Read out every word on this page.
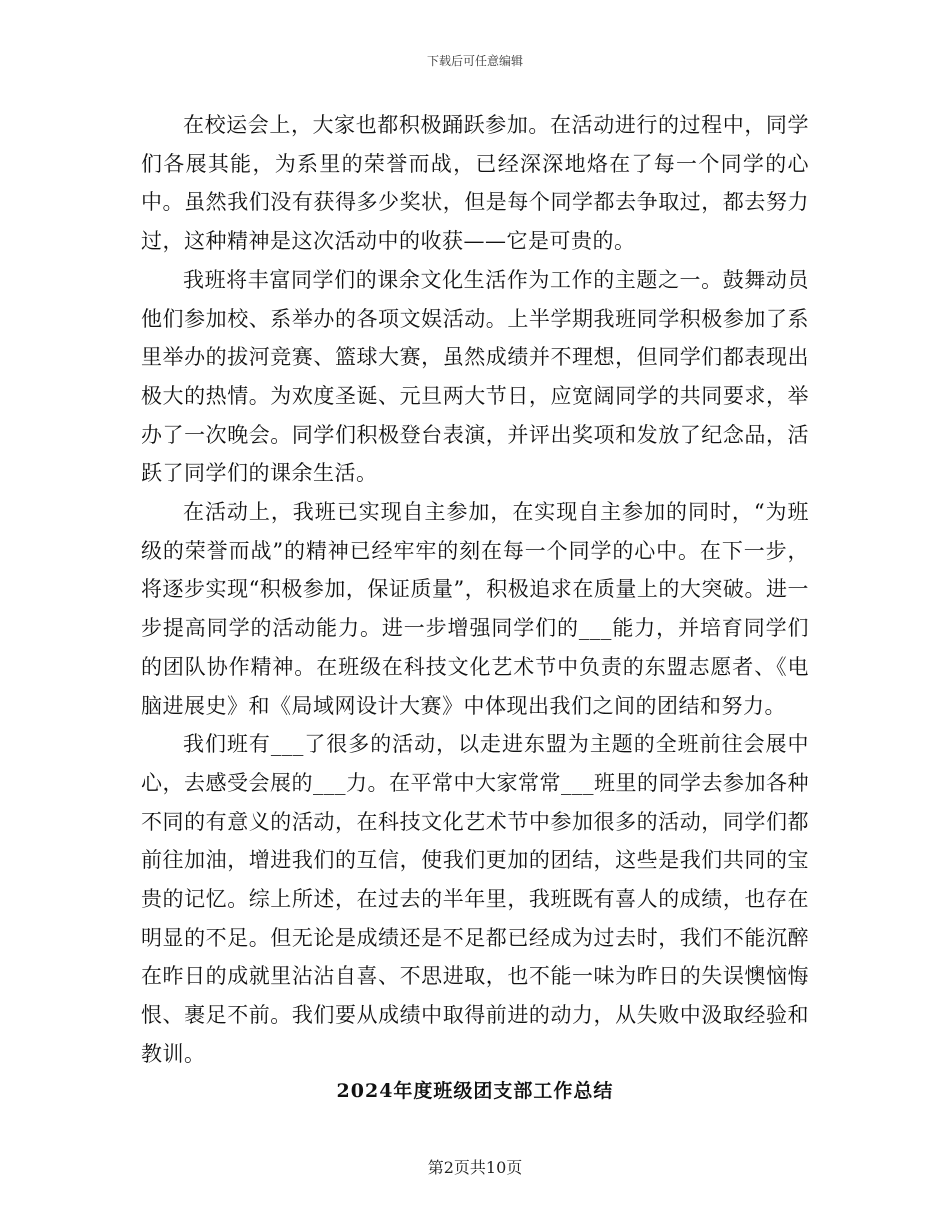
下载后可任意编辑

在校运会上，大家也都积极踊跃参加。在活动进行的过程中，同学们各展其能，为系里的荣誉而战，已经深深地烙在了每一个同学的心中。虽然我们没有获得多少奖状，但是每个同学都去争取过，都去努力过，这种精神是这次活动中的收获——它是可贵的。

我班将丰富同学们的课余文化生活作为工作的主题之一。鼓舞动员他们参加校、系举办的各项文娱活动。上半学期我班同学积极参加了系里举办的拔河竞赛、篮球大赛，虽然成绩并不理想，但同学们都表现出极大的热情。为欢度圣诞、元旦两大节日，应宽阔同学的共同要求，举办了一次晚会。同学们积极登台表演，并评出奖项和发放了纪念品，活跃了同学们的课余生活。

在活动上，我班已实现自主参加，在实现自主参加的同时，“为班级的荣誉而战”的精神已经牢牢的刻在每一个同学的心中。在下一步，将逐步实现“积极参加，保证质量”，积极追求在质量上的大突破。进一步提高同学的活动能力。进一步增强同学们的___能力，并培育同学们的团队协作精神。在班级在科技文化艺术节中负责的东盟志愿者、《电脑进展史》和《局域网设计大赛》中体现出我们之间的团结和努力。

我们班有___了很多的活动，以走进东盟为主题的全班前往会展中心，去感受会展的___力。在平常中大家常常___班里的同学去参加各种不同的有意义的活动，在科技文化艺术节中参加很多的活动，同学们都前往加油，增进我们的互信，使我们更加的团结，这些是我们共同的宝贵的记忆。综上所述，在过去的半年里，我班既有喜人的成绩，也存在明显的不足。但无论是成绩还是不足都已经成为过去时，我们不能沉醉在昨日的成就里沾沾自喜、不思进取，也不能一味为昨日的失误懊恼悔恨、裹足不前。我们要从成绩中取得前进的动力，从失败中汲取经验和教训。

2024年度班级团支部工作总结
第2页共10页
